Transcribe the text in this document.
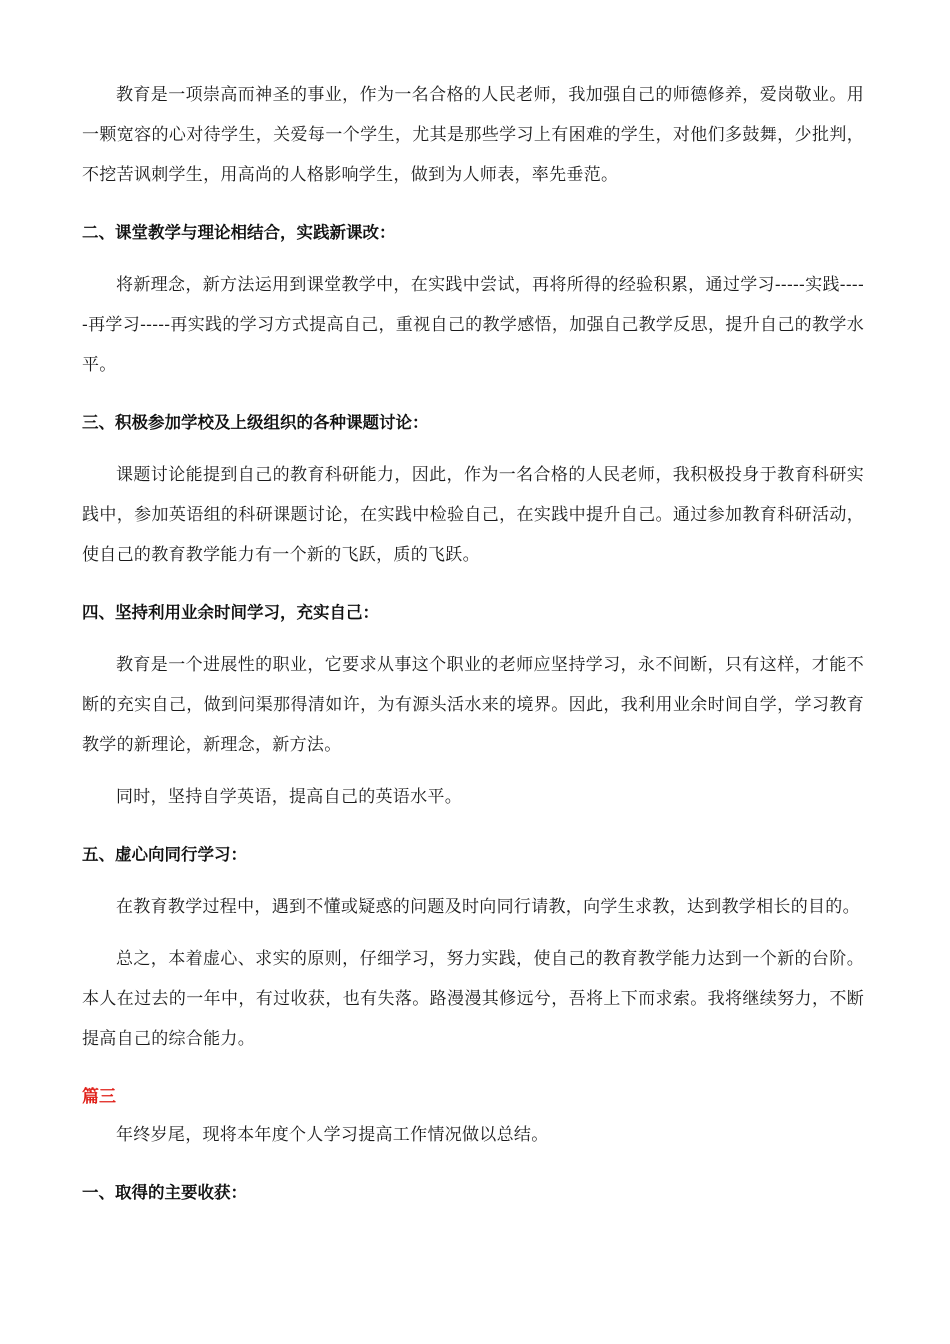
教育是一项崇高而神圣的事业，作为一名合格的人民老师，我加强自己的师德修养，爱岗敬业。用一颗宽容的心对待学生，关爱每一个学生，尤其是那些学习上有困难的学生，对他们多鼓舞，少批判，不挖苦讽刺学生，用高尚的人格影响学生，做到为人师表，率先垂范。

二、课堂教学与理论相结合，实践新课改：

将新理念，新方法运用到课堂教学中，在实践中尝试，再将所得的经验积累，通过学习-----实践-----再学习-----再实践的学习方式提高自己，重视自己的教学感悟，加强自己教学反思，提升自己的教学水平。

三、积极参加学校及上级组织的各种课题讨论：

课题讨论能提到自己的教育科研能力，因此，作为一名合格的人民老师，我积极投身于教育科研实践中，参加英语组的科研课题讨论，在实践中检验自己，在实践中提升自己。通过参加教育科研活动，使自己的教育教学能力有一个新的飞跃，质的飞跃。

四、坚持利用业余时间学习，充实自己：

教育是一个进展性的职业，它要求从事这个职业的老师应坚持学习，永不间断，只有这样，才能不断的充实自己，做到问渠那得清如许，为有源头活水来的境界。因此，我利用业余时间自学，学习教育教学的新理论，新理念，新方法。

同时，坚持自学英语，提高自己的英语水平。

五、虚心向同行学习：

在教育教学过程中，遇到不懂或疑惑的问题及时向同行请教，向学生求教，达到教学相长的目的。

总之，本着虚心、求实的原则，仔细学习，努力实践，使自己的教育教学能力达到一个新的台阶。本人在过去的一年中，有过收获，也有失落。路漫漫其修远兮，吾将上下而求索。我将继续努力，不断提高自己的综合能力。

篇三

年终岁尾，现将本年度个人学习提高工作情况做以总结。

一、取得的主要收获：
